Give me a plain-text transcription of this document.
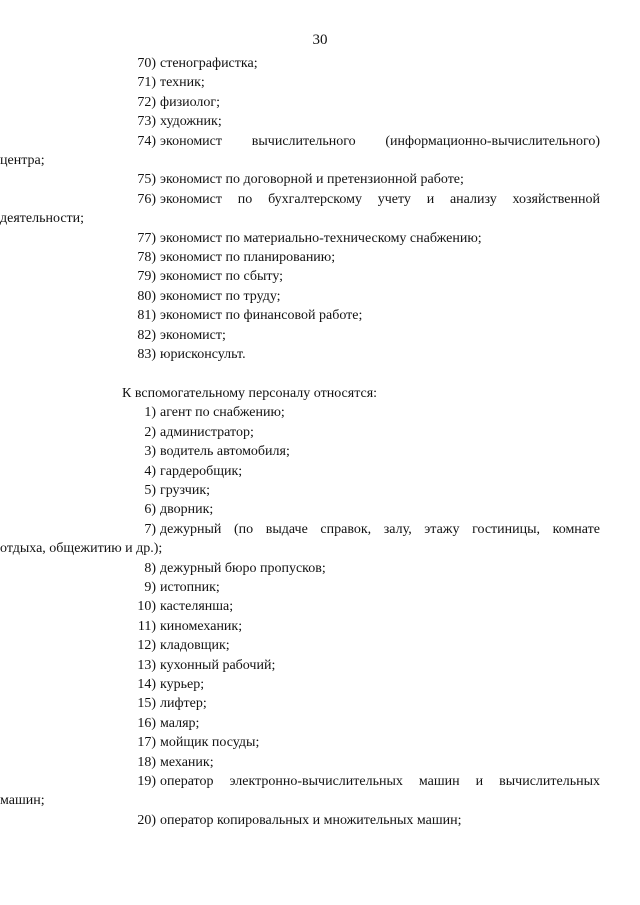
30
70) стенографистка;
71) техник;
72) физиолог;
73) художник;
74) экономист вычислительного (информационно-вычислительного)
центра;
75) экономист по договорной и претензионной работе;
76) экономист по бухгалтерскому учету и анализу хозяйственной
деятельности;
77) экономист по материально-техническому снабжению;
78) экономист по планированию;
79) экономист по сбыту;
80) экономист по труду;
81) экономист по финансовой работе;
82) экономист;
83) юрисконсульт.
К вспомогательному персоналу относятся:
1) агент по снабжению;
2) администратор;
3) водитель автомобиля;
4) гардеробщик;
5) грузчик;
6) дворник;
7) дежурный (по выдаче справок, залу, этажу гостиницы, комнате
отдыха, общежитию и др.);
8) дежурный бюро пропусков;
9) истопник;
10) кастелянша;
11) киномеханик;
12) кладовщик;
13) кухонный рабочий;
14) курьер;
15) лифтер;
16) маляр;
17) мойщик посуды;
18) механик;
19) оператор электронно-вычислительных машин и вычислительных
машин;
20) оператор копировальных и множительных машин;
